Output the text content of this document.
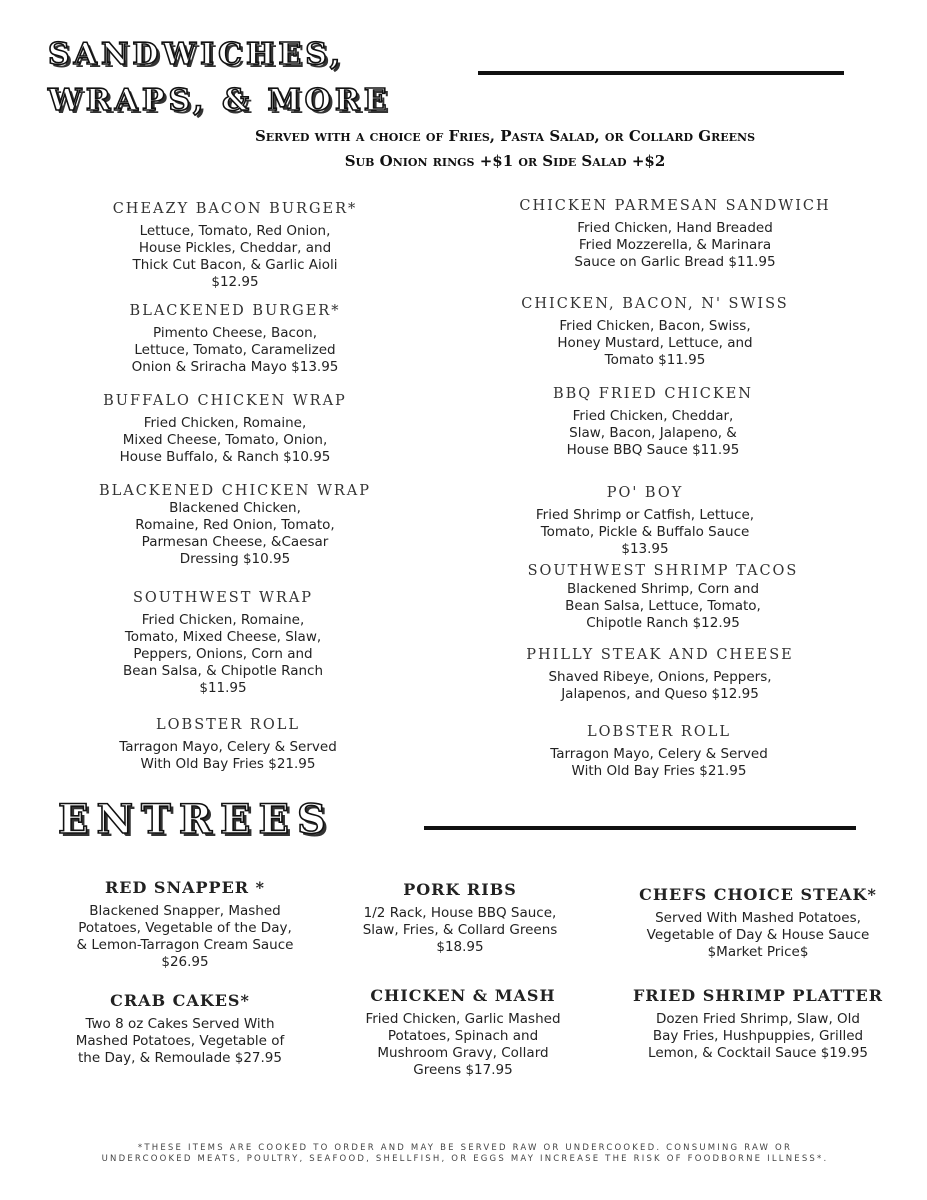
SANDWICHES,
WRAPS, & MORE
Served with a choice of Fries, Pasta Salad, or Collard Greens
Sub Onion rings +$1 or Side Salad +$2
CHEAZY BACON BURGER*
Lettuce, Tomato, Red Onion,
House Pickles, Cheddar, and
Thick Cut Bacon, & Garlic Aioli
$12.95
BLACKENED BURGER*
Pimento Cheese, Bacon,
Lettuce, Tomato, Caramelized
Onion & Sriracha Mayo $13.95
BUFFALO CHICKEN WRAP
Fried Chicken, Romaine,
Mixed Cheese, Tomato, Onion,
House Buffalo, & Ranch $10.95
BLACKENED CHICKEN WRAP
Blackened Chicken,
Romaine, Red Onion, Tomato,
Parmesan Cheese, &Caesar
Dressing $10.95
SOUTHWEST WRAP
Fried Chicken, Romaine,
Tomato, Mixed Cheese, Slaw,
Peppers, Onions, Corn and
Bean Salsa, & Chipotle Ranch
$11.95
LOBSTER ROLL
Tarragon Mayo, Celery & Served
With Old Bay Fries $21.95
CHICKEN PARMESAN SANDWICH
Fried Chicken, Hand Breaded
Fried Mozzerella, & Marinara
Sauce on Garlic Bread $11.95
CHICKEN, BACON, N' SWISS
Fried Chicken, Bacon, Swiss,
Honey Mustard, Lettuce, and
Tomato $11.95
BBQ FRIED CHICKEN
Fried Chicken, Cheddar,
Slaw, Bacon, Jalapeno, &
House BBQ Sauce $11.95
PO' BOY
Fried Shrimp or Catfish, Lettuce,
Tomato, Pickle & Buffalo Sauce
$13.95
SOUTHWEST SHRIMP TACOS
Blackened Shrimp, Corn and
Bean Salsa, Lettuce, Tomato,
Chipotle Ranch $12.95
PHILLY STEAK AND CHEESE
Shaved Ribeye, Onions, Peppers,
Jalapenos, and Queso $12.95
LOBSTER ROLL
Tarragon Mayo, Celery & Served
With Old Bay Fries $21.95
ENTREES
RED SNAPPER *
Blackened Snapper, Mashed
Potatoes, Vegetable of the Day,
& Lemon-Tarragon Cream Sauce
$26.95
PORK RIBS
1/2 Rack, House BBQ Sauce,
Slaw, Fries, & Collard Greens
$18.95
CHEFS CHOICE STEAK*
Served With Mashed Potatoes,
Vegetable of Day & House Sauce
$Market Price$
CRAB CAKES*
Two 8 oz Cakes Served With
Mashed Potatoes, Vegetable of
the Day, & Remoulade $27.95
CHICKEN & MASH
Fried Chicken, Garlic Mashed
Potatoes, Spinach and
Mushroom Gravy, Collard
Greens $17.95
FRIED SHRIMP PLATTER
Dozen Fried Shrimp, Slaw, Old
Bay Fries, Hushpuppies, Grilled
Lemon, & Cocktail Sauce $19.95
*THESE ITEMS ARE COOKED TO ORDER AND MAY BE SERVED RAW OR UNDERCOOKED. CONSUMING RAW OR UNDERCOOKED MEATS, POULTRY, SEAFOOD, SHELLFISH, OR EGGS MAY INCREASE THE RISK OF FOODBORNE ILLNESS*.
